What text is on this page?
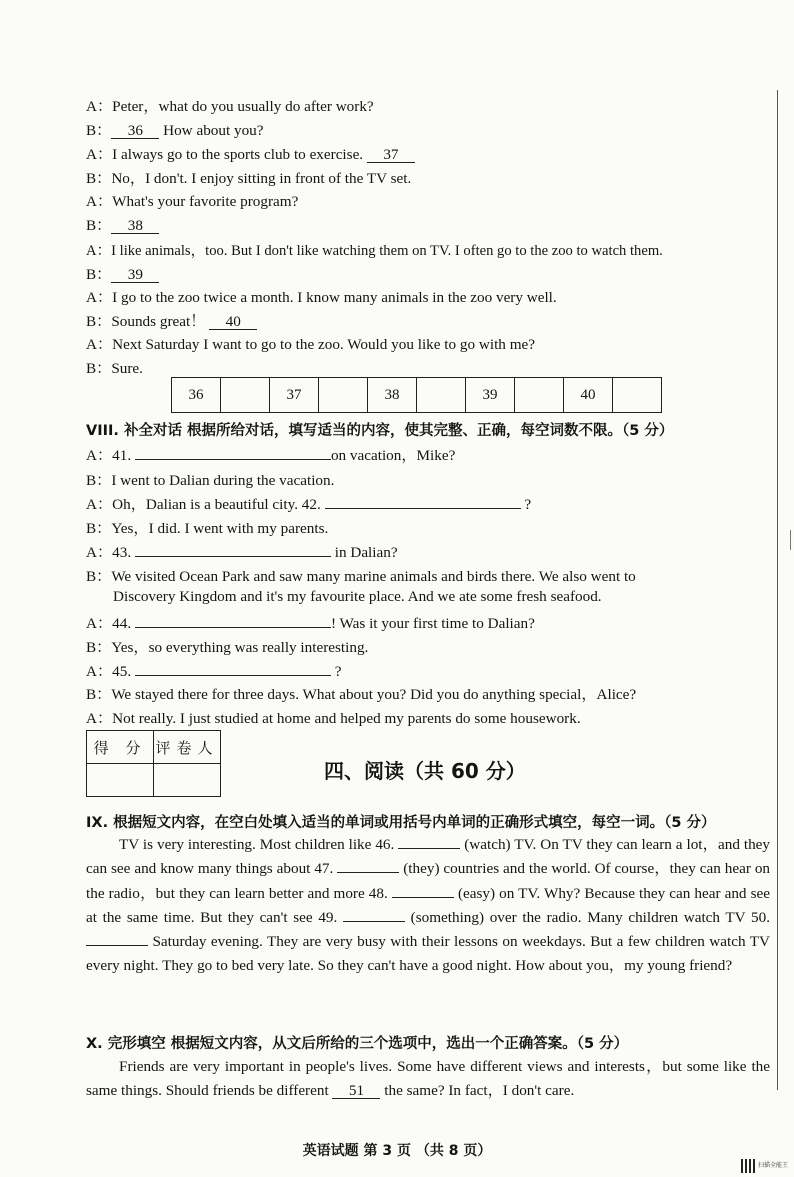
A：Peter，what do you usually do after work?
B： 36 How about you?
A：I always go to the sports club to exercise. 37
B：No，I don't. I enjoy sitting in front of the TV set.
A：What's your favorite program?
B： 38
A：I like animals，too. But I don't like watching them on TV. I often go to the zoo to watch them.
B： 39
A：I go to the zoo twice a month. I know many animals in the zoo very well.
B：Sounds great！ 40
A：Next Saturday I want to go to the zoo. Would you like to go with me?
B：Sure.
36		37		38		39		40	
VIII. 补全对话 根据所给对话，填写适当的内容，使其完整、正确，每空词数不限。（5 分）
A：41.	on vacation，Mike?
B：I went to Dalian during the vacation.
A：Oh，Dalian is a beautiful city. 42.	?
B：Yes，I did. I went with my parents.
A：43.	in Dalian?
B：We visited Ocean Park and saw many marine animals and birds there. We also went to
Discovery Kingdom and it's my favourite place. And we ate some fresh seafood.
A：44.	! Was it your first time to Dalian?
B：Yes，so everything was really interesting.
A：45.	?
B：We stayed there for three days. What about you? Did you do anything special，Alice?
A：Not really. I just studied at home and helped my parents do some housework.
得 分	评卷人

四、阅读（共 60 分）
IX. 根据短文内容，在空白处填入适当的单词或用括号内单词的正确形式填空，每空一词。（5 分）
TV is very interesting. Most children like 46.	(watch) TV. On TV they can learn a lot，and they can see and know many things about 47.	(they) countries and the world. Of course，they can hear on the radio，but they can learn better and more 48.	(easy) on TV. Why? Because they can hear and see at the same time. But they can't see 49.	(something) over the radio. Many children watch TV 50.  Saturday evening. They are very busy with their lessons on weekdays. But a few children watch TV every night. They go to bed very late. So they can't have a good night. How about you，my young friend?
X. 完形填空 根据短文内容，从文后所给的三个选项中，选出一个正确答案。（5 分）
Friends are very important in people's lives. Some have different views and interests，but some like the same things. Should friends be different 51 the same? In fact，I don't care.
英语试题 第 3 页 （共 8 页）
扫描全能王
